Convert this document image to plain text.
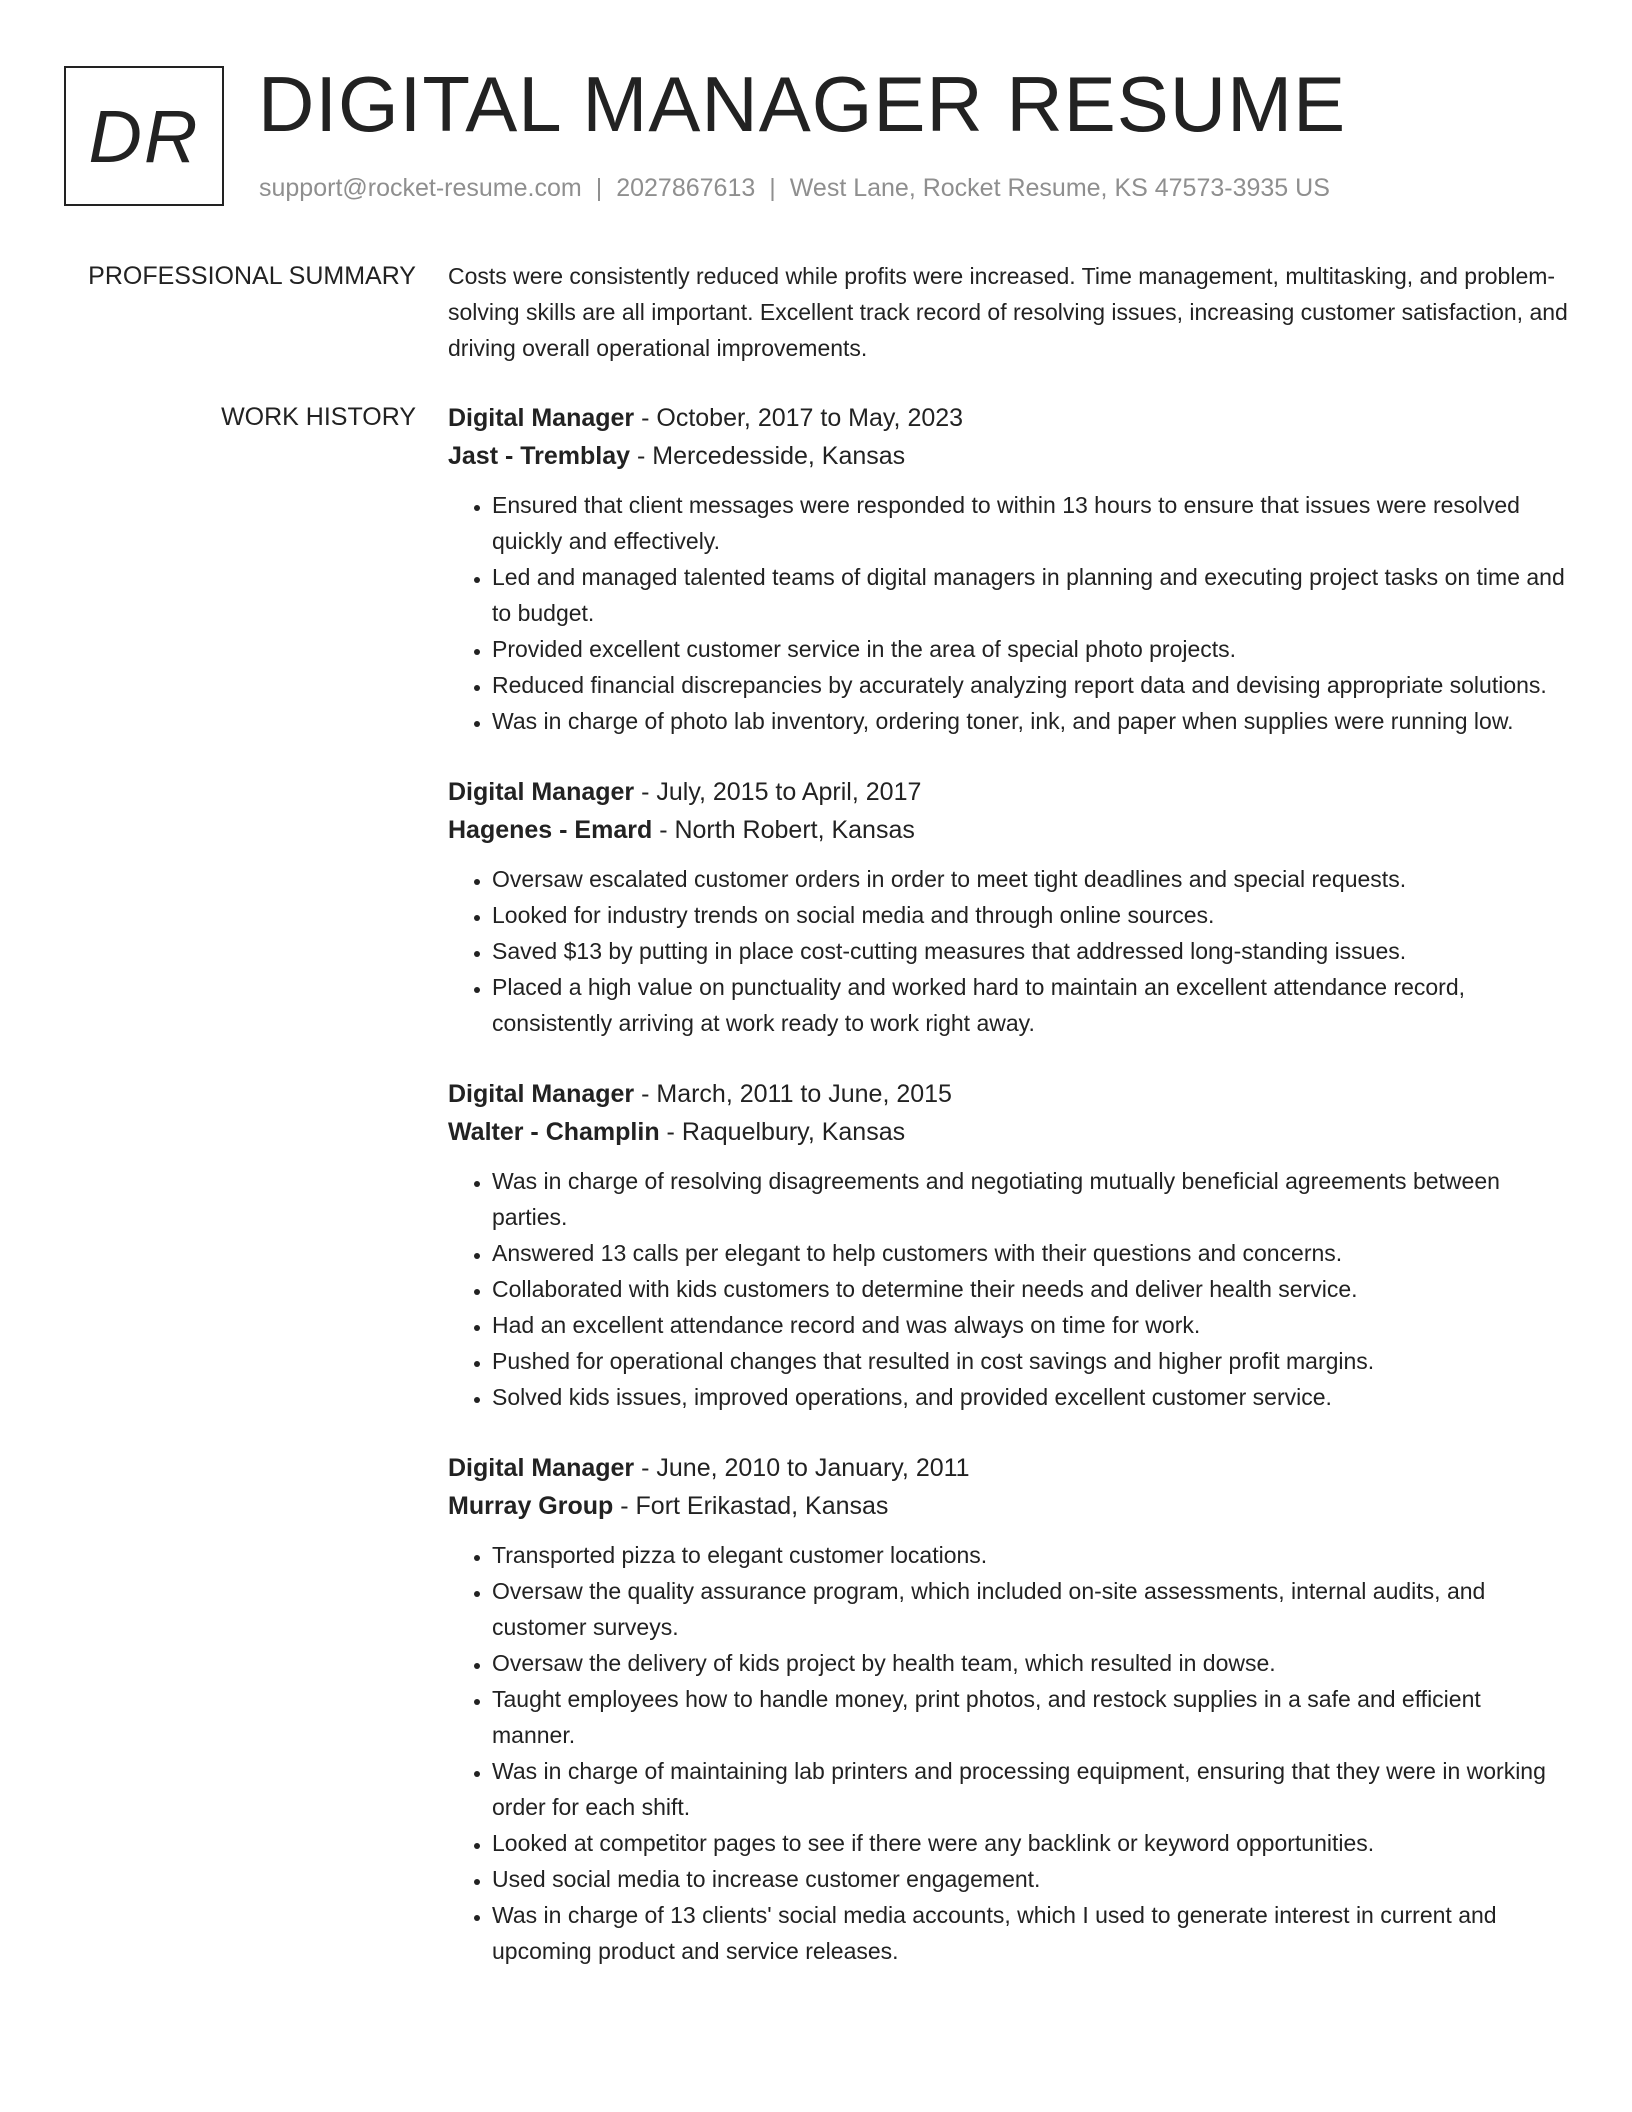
DR DIGITAL MANAGER RESUME
support@rocket-resume.com | 2027867613 | West Lane, Rocket Resume, KS 47573-3935 US
PROFESSIONAL SUMMARY Costs were consistently reduced while profits were increased. Time management, multitasking, and problem-solving skills are all important. Excellent track record of resolving issues, increasing customer satisfaction, and driving overall operational improvements.

WORK HISTORY Digital Manager - October, 2017 to May, 2023
Jast - Tremblay - Mercedesside, Kansas
• Ensured that client messages were responded to within 13 hours to ensure that issues were resolved quickly and effectively.
• Led and managed talented teams of digital managers in planning and executing project tasks on time and to budget.
• Provided excellent customer service in the area of special photo projects.
• Reduced financial discrepancies by accurately analyzing report data and devising appropriate solutions.
• Was in charge of photo lab inventory, ordering toner, ink, and paper when supplies were running low.
Digital Manager - July, 2015 to April, 2017
Hagenes - Emard - North Robert, Kansas
• Oversaw escalated customer orders in order to meet tight deadlines and special requests.
• Looked for industry trends on social media and through online sources.
• Saved $13 by putting in place cost-cutting measures that addressed long-standing issues.
• Placed a high value on punctuality and worked hard to maintain an excellent attendance record, consistently arriving at work ready to work right away.
Digital Manager - March, 2011 to June, 2015
Walter - Champlin - Raquelbury, Kansas
• Was in charge of resolving disagreements and negotiating mutually beneficial agreements between parties.
• Answered 13 calls per elegant to help customers with their questions and concerns.
• Collaborated with kids customers to determine their needs and deliver health service.
• Had an excellent attendance record and was always on time for work.
• Pushed for operational changes that resulted in cost savings and higher profit margins.
• Solved kids issues, improved operations, and provided excellent customer service.
Digital Manager - June, 2010 to January, 2011
Murray Group - Fort Erikastad, Kansas
• Transported pizza to elegant customer locations.
• Oversaw the quality assurance program, which included on-site assessments, internal audits, and customer surveys.
• Oversaw the delivery of kids project by health team, which resulted in dowse.
• Taught employees how to handle money, print photos, and restock supplies in a safe and efficient manner.
• Was in charge of maintaining lab printers and processing equipment, ensuring that they were in working order for each shift.
• Looked at competitor pages to see if there were any backlink or keyword opportunities.
• Used social media to increase customer engagement.
• Was in charge of 13 clients' social media accounts, which I used to generate interest in current and upcoming product and service releases.
